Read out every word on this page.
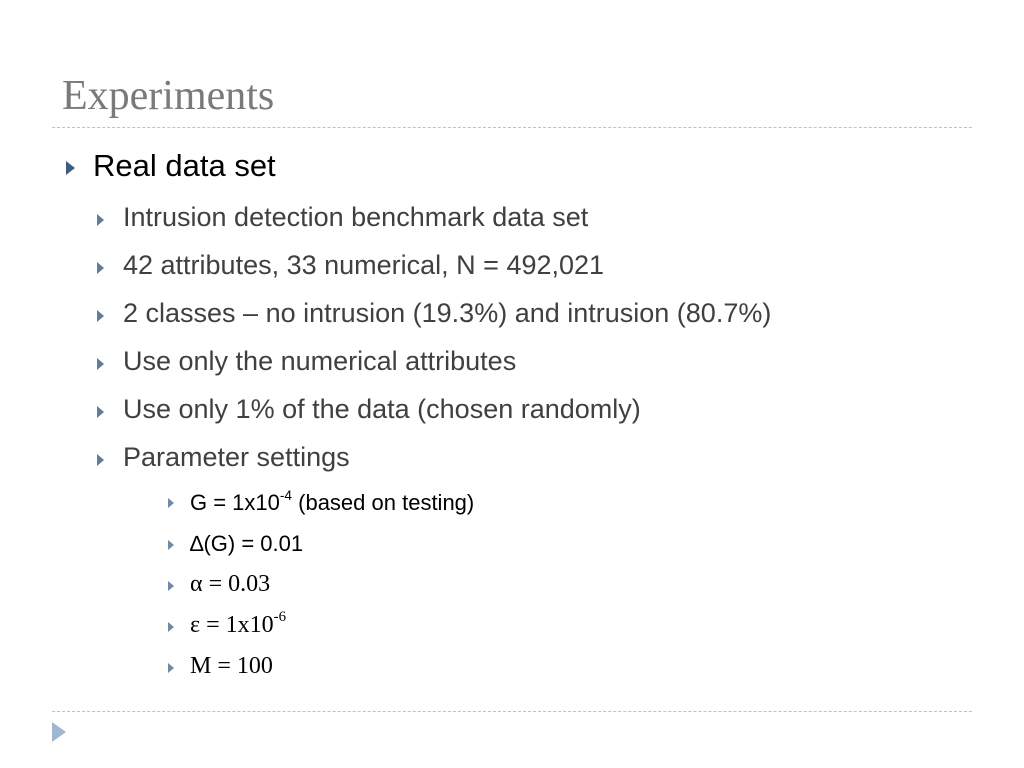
Experiments
Real data set
Intrusion detection benchmark data set
42 attributes, 33 numerical, N = 492,021
2 classes – no intrusion (19.3%) and intrusion (80.7%)
Use only the numerical attributes
Use only 1% of the data (chosen randomly)
Parameter settings
$G = 1x10^{-4}$ (based on testing)
∆(G) = 0.01
α = 0.03
$\varepsilon = 1x10^{-6}$
M = 100
